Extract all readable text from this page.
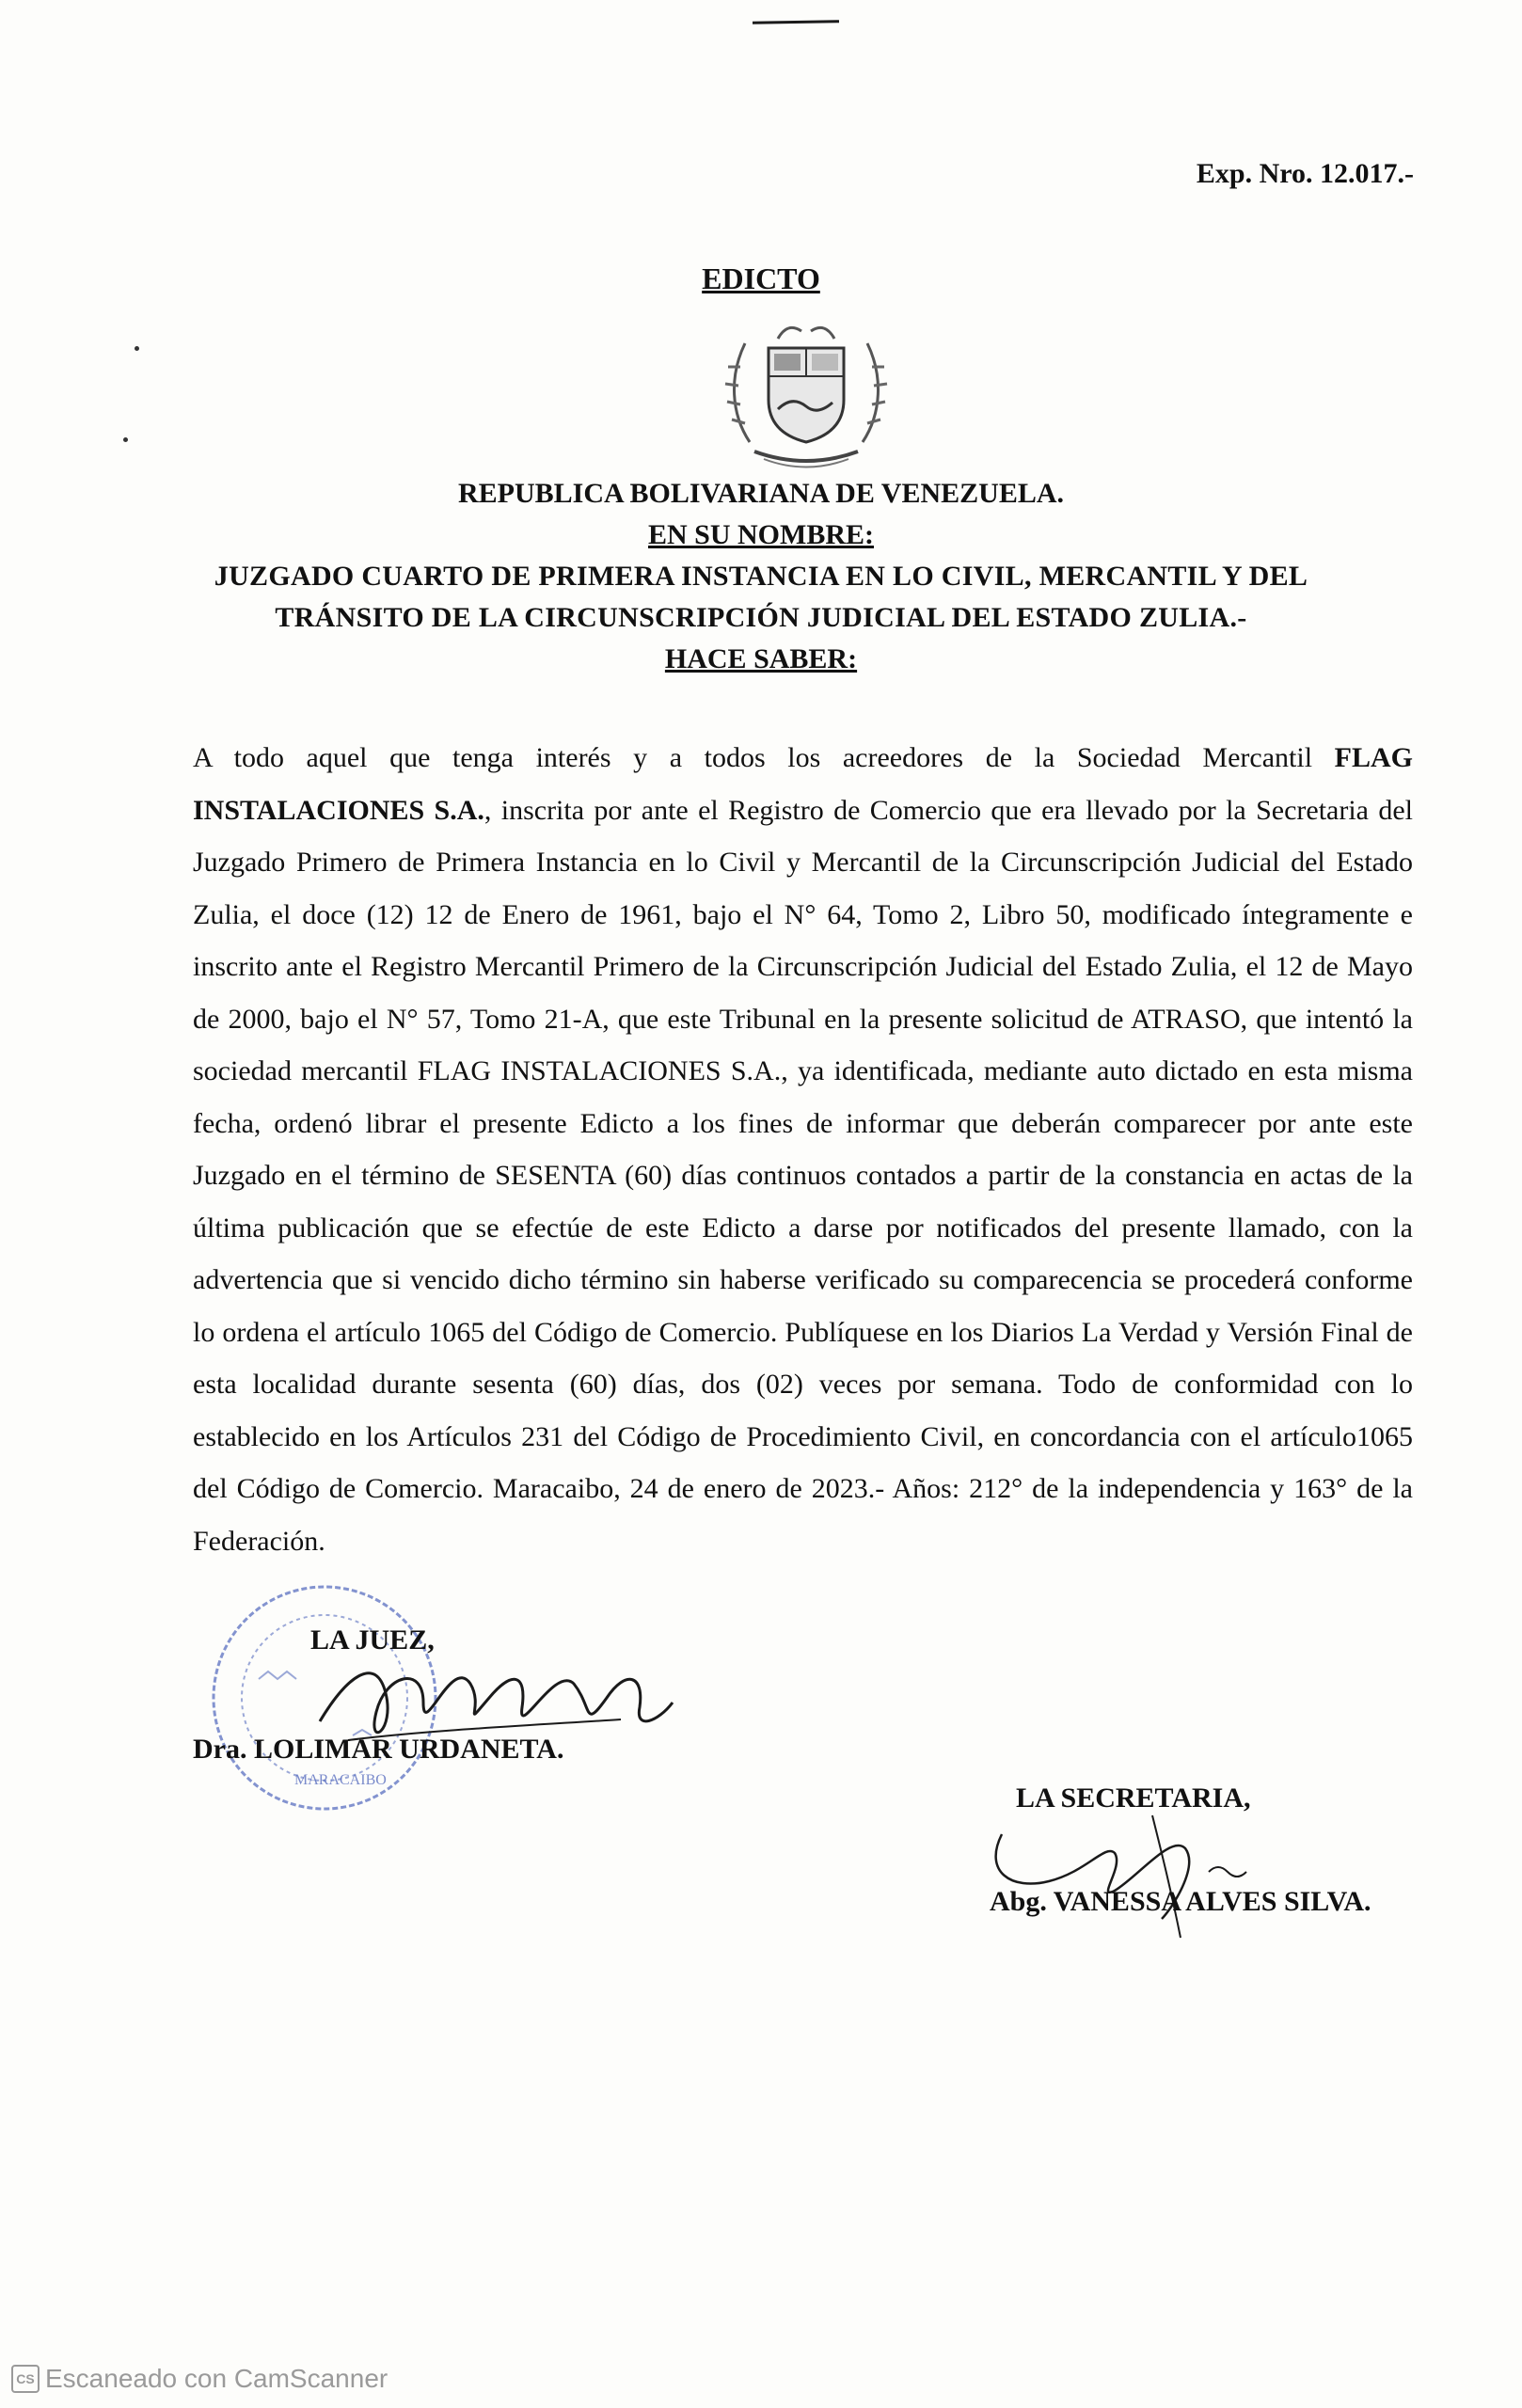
Exp. Nro. 12.017.-
EDICTO
REPUBLICA BOLIVARIANA DE VENEZUELA.
EN SU NOMBRE:
JUZGADO CUARTO DE PRIMERA INSTANCIA EN LO CIVIL, MERCANTIL Y DEL
TRÁNSITO DE LA CIRCUNSCRIPCIÓN JUDICIAL DEL ESTADO ZULIA.-
HACE SABER:
A todo aquel que tenga interés y a todos los acreedores de la Sociedad Mercantil FLAG INSTALACIONES S.A., inscrita por ante el Registro de Comercio que era llevado por la Secretaria del Juzgado Primero de Primera Instancia en lo Civil y Mercantil de la Circunscripción Judicial del Estado Zulia, el doce (12) 12 de Enero de 1961, bajo el N° 64, Tomo 2, Libro 50, modificado íntegramente e inscrito ante el Registro Mercantil Primero de la Circunscripción Judicial del Estado Zulia, el 12 de Mayo de 2000, bajo el N° 57, Tomo 21-A, que este Tribunal en la presente solicitud de ATRASO, que intentó la sociedad mercantil FLAG INSTALACIONES S.A., ya identificada, mediante auto dictado en esta misma fecha, ordenó librar el presente Edicto a los fines de informar que deberán comparecer por ante este Juzgado en el término de SESENTA (60) días continuos contados a partir de la constancia en actas de la última publicación que se efectúe de este Edicto a darse por notificados del presente llamado, con la advertencia que si vencido dicho término sin haberse verificado su comparecencia se procederá conforme lo ordena el artículo 1065 del Código de Comercio. Publíquese en los Diarios La Verdad y Versión Final de esta localidad durante sesenta (60) días, dos (02) veces por semana. Todo de conformidad con lo establecido en los Artículos 231 del Código de Procedimiento Civil, en concordancia con el artículo1065 del Código de Comercio. Maracaibo, 24 de enero de 2023.- Años: 212° de la independencia y 163° de la Federación.
MARACAIBO
LA JUEZ,
Dra. LOLIMAR URDANETA.
LA SECRETARIA,
Abg. VANESSA ALVES SILVA.
CS Escaneado con CamScanner
